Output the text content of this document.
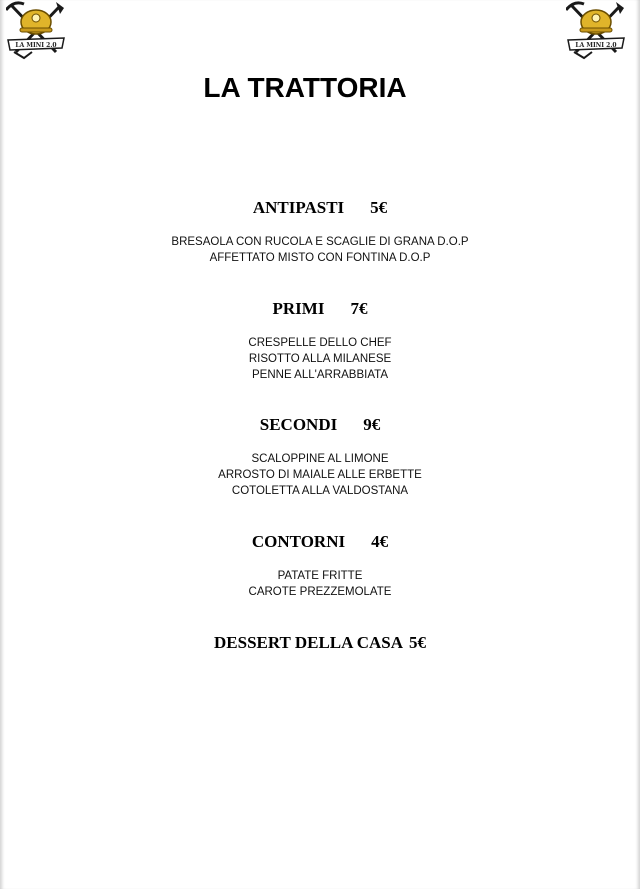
LA MINI 2.0	LA MINI 2.0
LA TRATTORIA
ANTIPASTI 5€
BRESAOLA CON RUCOLA E SCAGLIE DI GRANA D.O.P
AFFETTATO MISTO CON FONTINA D.O.P
PRIMI 7€
CRESPELLE DELLO CHEF
RISOTTO ALLA MILANESE
PENNE ALL'ARRABBIATA
SECONDI 9€
SCALOPPINE AL LIMONE
ARROSTO DI MAIALE ALLE ERBETTE
COTOLETTA ALLA VALDOSTANA
CONTORNI 4€
PATATE FRITTE
CAROTE PREZZEMOLATE
DESSERT DELLA CASA 5€
